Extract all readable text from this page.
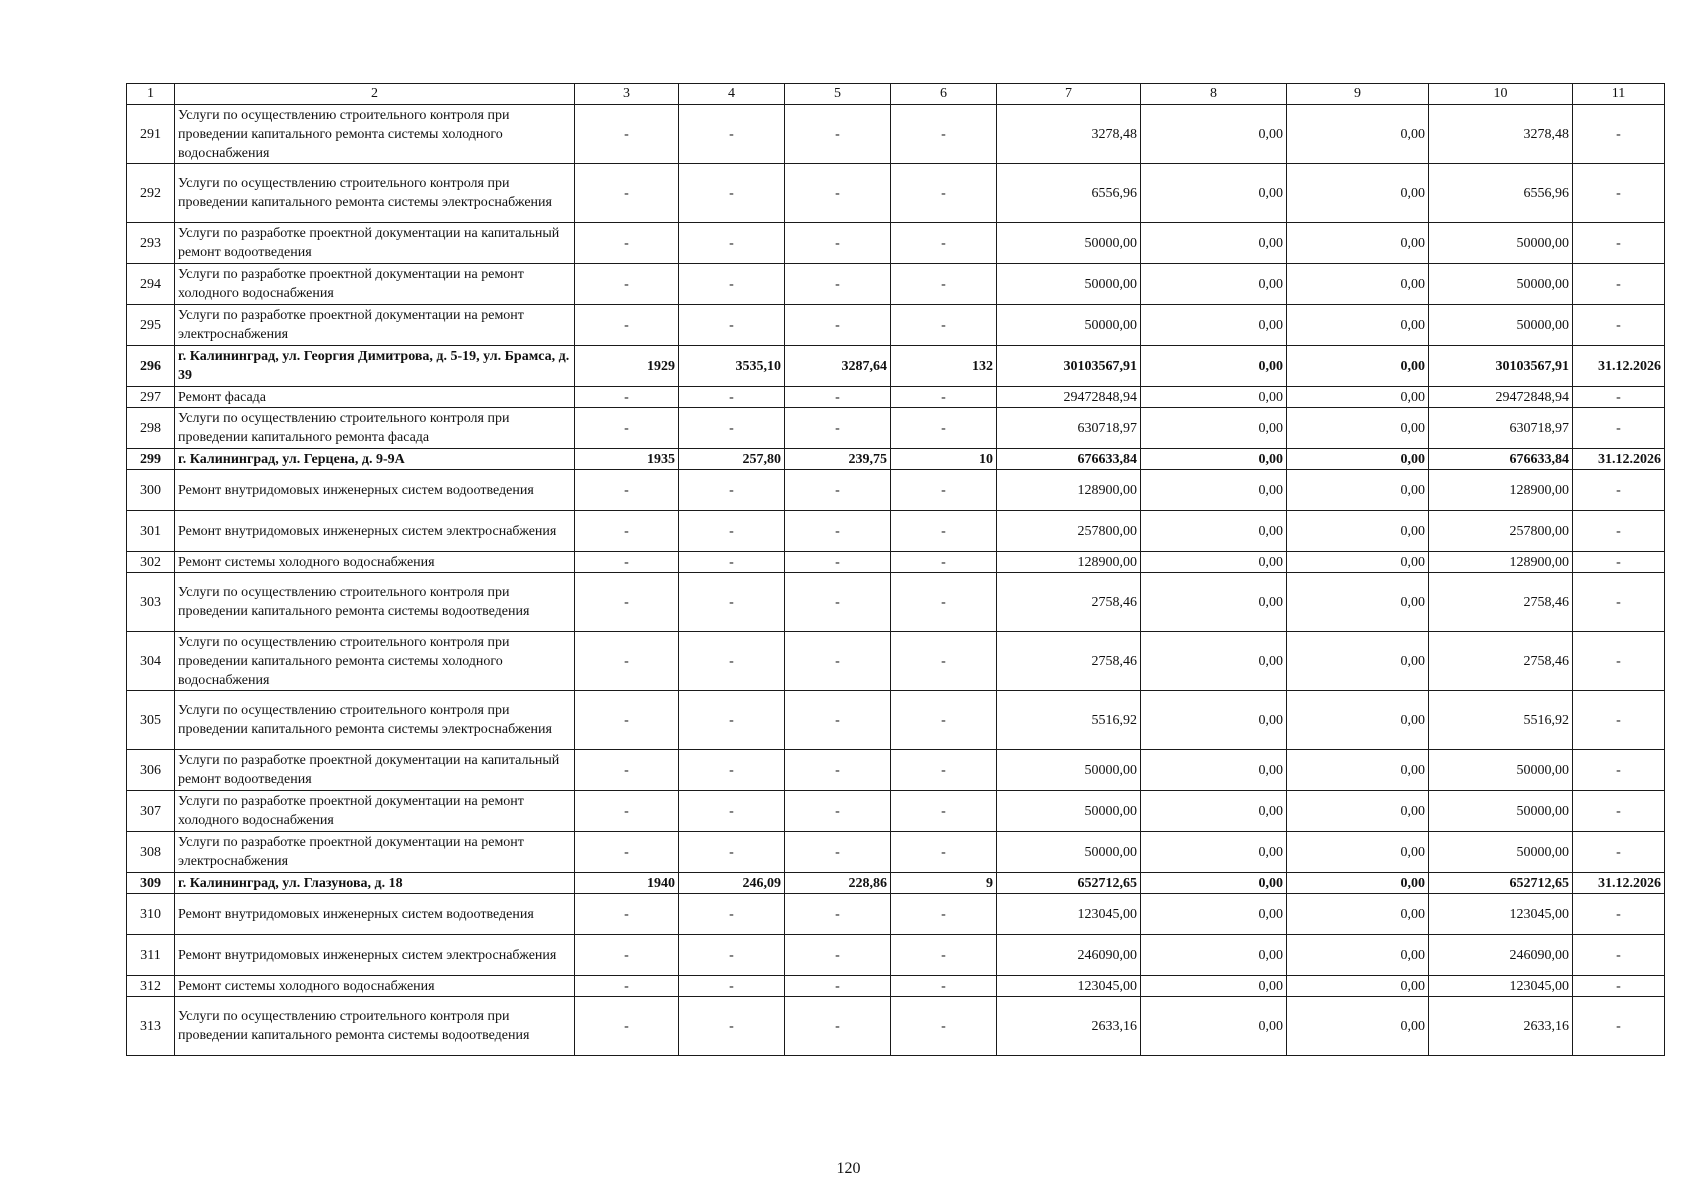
1	2	3	4	5	6	7	8	9	10	11
291	Услуги по осуществлению строительного контроля при проведении капитального ремонта системы холодного водоснабжения	-	-	-	-	3278,48	0,00	0,00	3278,48	-
292	Услуги по осуществлению строительного контроля при проведении капитального ремонта системы электроснабжения	-	-	-	-	6556,96	0,00	0,00	6556,96	-
293	Услуги по разработке проектной документации на капитальный ремонт водоотведения	-	-	-	-	50000,00	0,00	0,00	50000,00	-
294	Услуги по разработке проектной документации на ремонт холодного водоснабжения	-	-	-	-	50000,00	0,00	0,00	50000,00	-
295	Услуги по разработке проектной документации на ремонт электроснабжения	-	-	-	-	50000,00	0,00	0,00	50000,00	-
296	г. Калининград, ул. Георгия Димитрова, д. 5-19, ул. Брамса, д. 39	1929	3535,10	3287,64	132	30103567,91	0,00	0,00	30103567,91	31.12.2026
297	Ремонт фасада	-	-	-	-	29472848,94	0,00	0,00	29472848,94	-
298	Услуги по осуществлению строительного контроля при проведении капитального ремонта фасада	-	-	-	-	630718,97	0,00	0,00	630718,97	-
299	г. Калининград, ул. Герцена, д. 9-9А	1935	257,80	239,75	10	676633,84	0,00	0,00	676633,84	31.12.2026
300	Ремонт внутридомовых инженерных систем водоотведения	-	-	-	-	128900,00	0,00	0,00	128900,00	-
301	Ремонт внутридомовых инженерных систем электроснабжения	-	-	-	-	257800,00	0,00	0,00	257800,00	-
302	Ремонт системы холодного водоснабжения	-	-	-	-	128900,00	0,00	0,00	128900,00	-
303	Услуги по осуществлению строительного контроля при проведении капитального ремонта системы водоотведения	-	-	-	-	2758,46	0,00	0,00	2758,46	-
304	Услуги по осуществлению строительного контроля при проведении капитального ремонта системы холодного водоснабжения	-	-	-	-	2758,46	0,00	0,00	2758,46	-
305	Услуги по осуществлению строительного контроля при проведении капитального ремонта системы электроснабжения	-	-	-	-	5516,92	0,00	0,00	5516,92	-
306	Услуги по разработке проектной документации на капитальный ремонт водоотведения	-	-	-	-	50000,00	0,00	0,00	50000,00	-
307	Услуги по разработке проектной документации на ремонт холодного водоснабжения	-	-	-	-	50000,00	0,00	0,00	50000,00	-
308	Услуги по разработке проектной документации на ремонт электроснабжения	-	-	-	-	50000,00	0,00	0,00	50000,00	-
309	г. Калининград, ул. Глазунова, д. 18	1940	246,09	228,86	9	652712,65	0,00	0,00	652712,65	31.12.2026
310	Ремонт внутридомовых инженерных систем водоотведения	-	-	-	-	123045,00	0,00	0,00	123045,00	-
311	Ремонт внутридомовых инженерных систем электроснабжения	-	-	-	-	246090,00	0,00	0,00	246090,00	-
312	Ремонт системы холодного водоснабжения	-	-	-	-	123045,00	0,00	0,00	123045,00	-
313	Услуги по осуществлению строительного контроля при проведении капитального ремонта системы водоотведения	-	-	-	-	2633,16	0,00	0,00	2633,16	-
120
